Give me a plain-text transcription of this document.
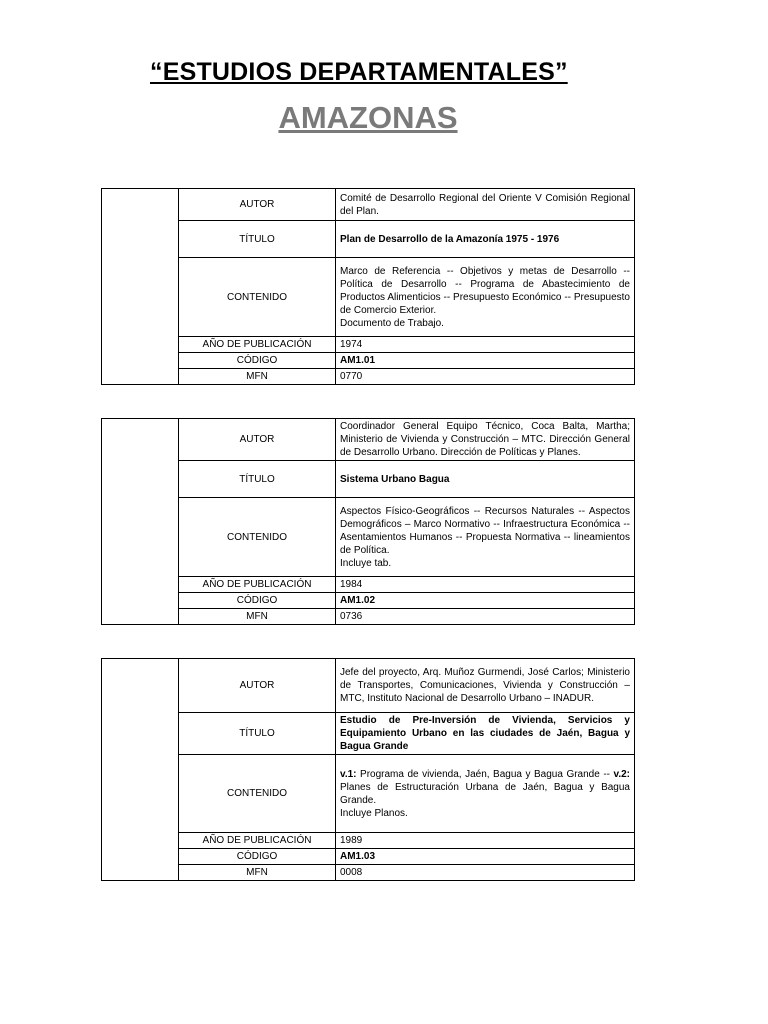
“ESTUDIOS DEPARTAMENTALES”
AMAZONAS
	AUTOR	Comité de Desarrollo Regional del Oriente V Comisión Regional del Plan.
	TÍTULO	Plan de Desarrollo de la Amazonía 1975 - 1976
	CONTENIDO	Marco de Referencia -- Objetivos y metas de Desarrollo -- Política de Desarrollo -- Programa de Abastecimiento de Productos Alimenticios -- Presupuesto Económico -- Presupuesto de Comercio Exterior.
Documento de Trabajo.

	AÑO DE PUBLICACIÓN	1974
	CÓDIGO	AM1.01
	MFN	0770
	AUTOR	Coordinador General Equipo Técnico, Coca Balta, Martha; Ministerio de Vivienda y Construcción – MTC. Dirección General de Desarrollo Urbano. Dirección de Políticas y Planes.
	TÍTULO	Sistema Urbano Bagua
	CONTENIDO	Aspectos Físico-Geográficos -- Recursos Naturales -- Aspectos Demográficos – Marco Normativo -- Infraestructura Económica -- Asentamientos Humanos -- Propuesta Normativa -- lineamientos de Política.
Incluye tab.

	AÑO DE PUBLICACIÓN	1984
	CÓDIGO	AM1.02
	MFN	0736
	AUTOR	Jefe del proyecto, Arq. Muñoz Gurmendi, José Carlos; Ministerio de Transportes, Comunicaciones, Vivienda y Construcción – MTC, Instituto Nacional de Desarrollo Urbano – INADUR.
	TÍTULO	Estudio de Pre-Inversión de Vivienda, Servicios y Equipamiento Urbano en las ciudades de Jaén, Bagua y Bagua Grande
	CONTENIDO	v.1: Programa de vivienda, Jaén, Bagua y Bagua Grande -- v.2: Planes de Estructuración Urbana de Jaén, Bagua y Bagua Grande.
Incluye Planos.

	AÑO DE PUBLICACIÓN	1989
	CÓDIGO	AM1.03
	MFN	0008
